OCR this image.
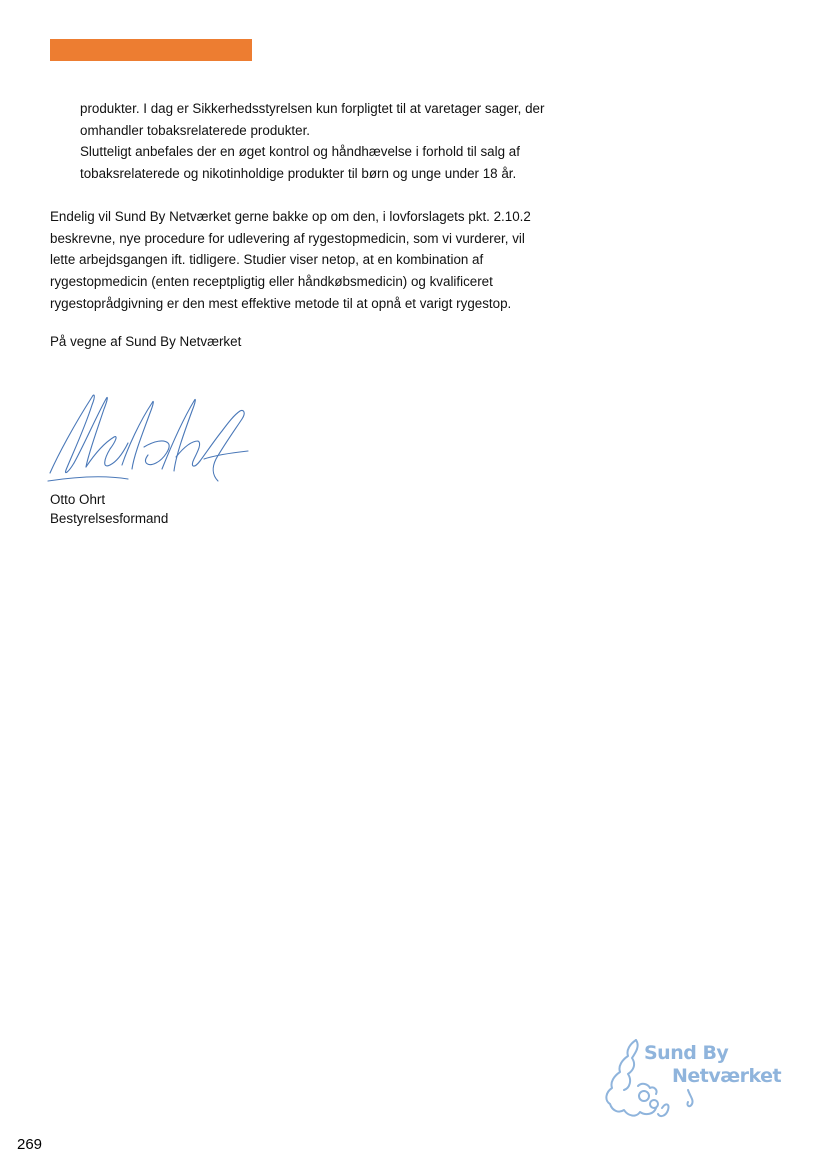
produkter. I dag er Sikkerhedsstyrelsen kun forpligtet til at varetager sager, der
omhandler tobaksrelaterede produkter.
Slutteligt anbefales der en øget kontrol og håndhævelse i forhold til salg af
tobaksrelaterede og nikotinholdige produkter til børn og unge under 18 år.
Endelig vil Sund By Netværket gerne bakke op om den, i lovforslagets pkt. 2.10.2
beskrevne, nye procedure for udlevering af rygestopmedicin, som vi vurderer, vil
lette arbejdsgangen ift. tidligere. Studier viser netop, at en kombination af
rygestopmedicin (enten receptpligtig eller håndkøbsmedicin) og kvalificeret
rygestoprådgivning er den mest effektive metode til at opnå et varigt rygestop.
På vegne af Sund By Netværket
Otto Ohrt
Bestyrelsesformand
Sund By
Netværket
269
